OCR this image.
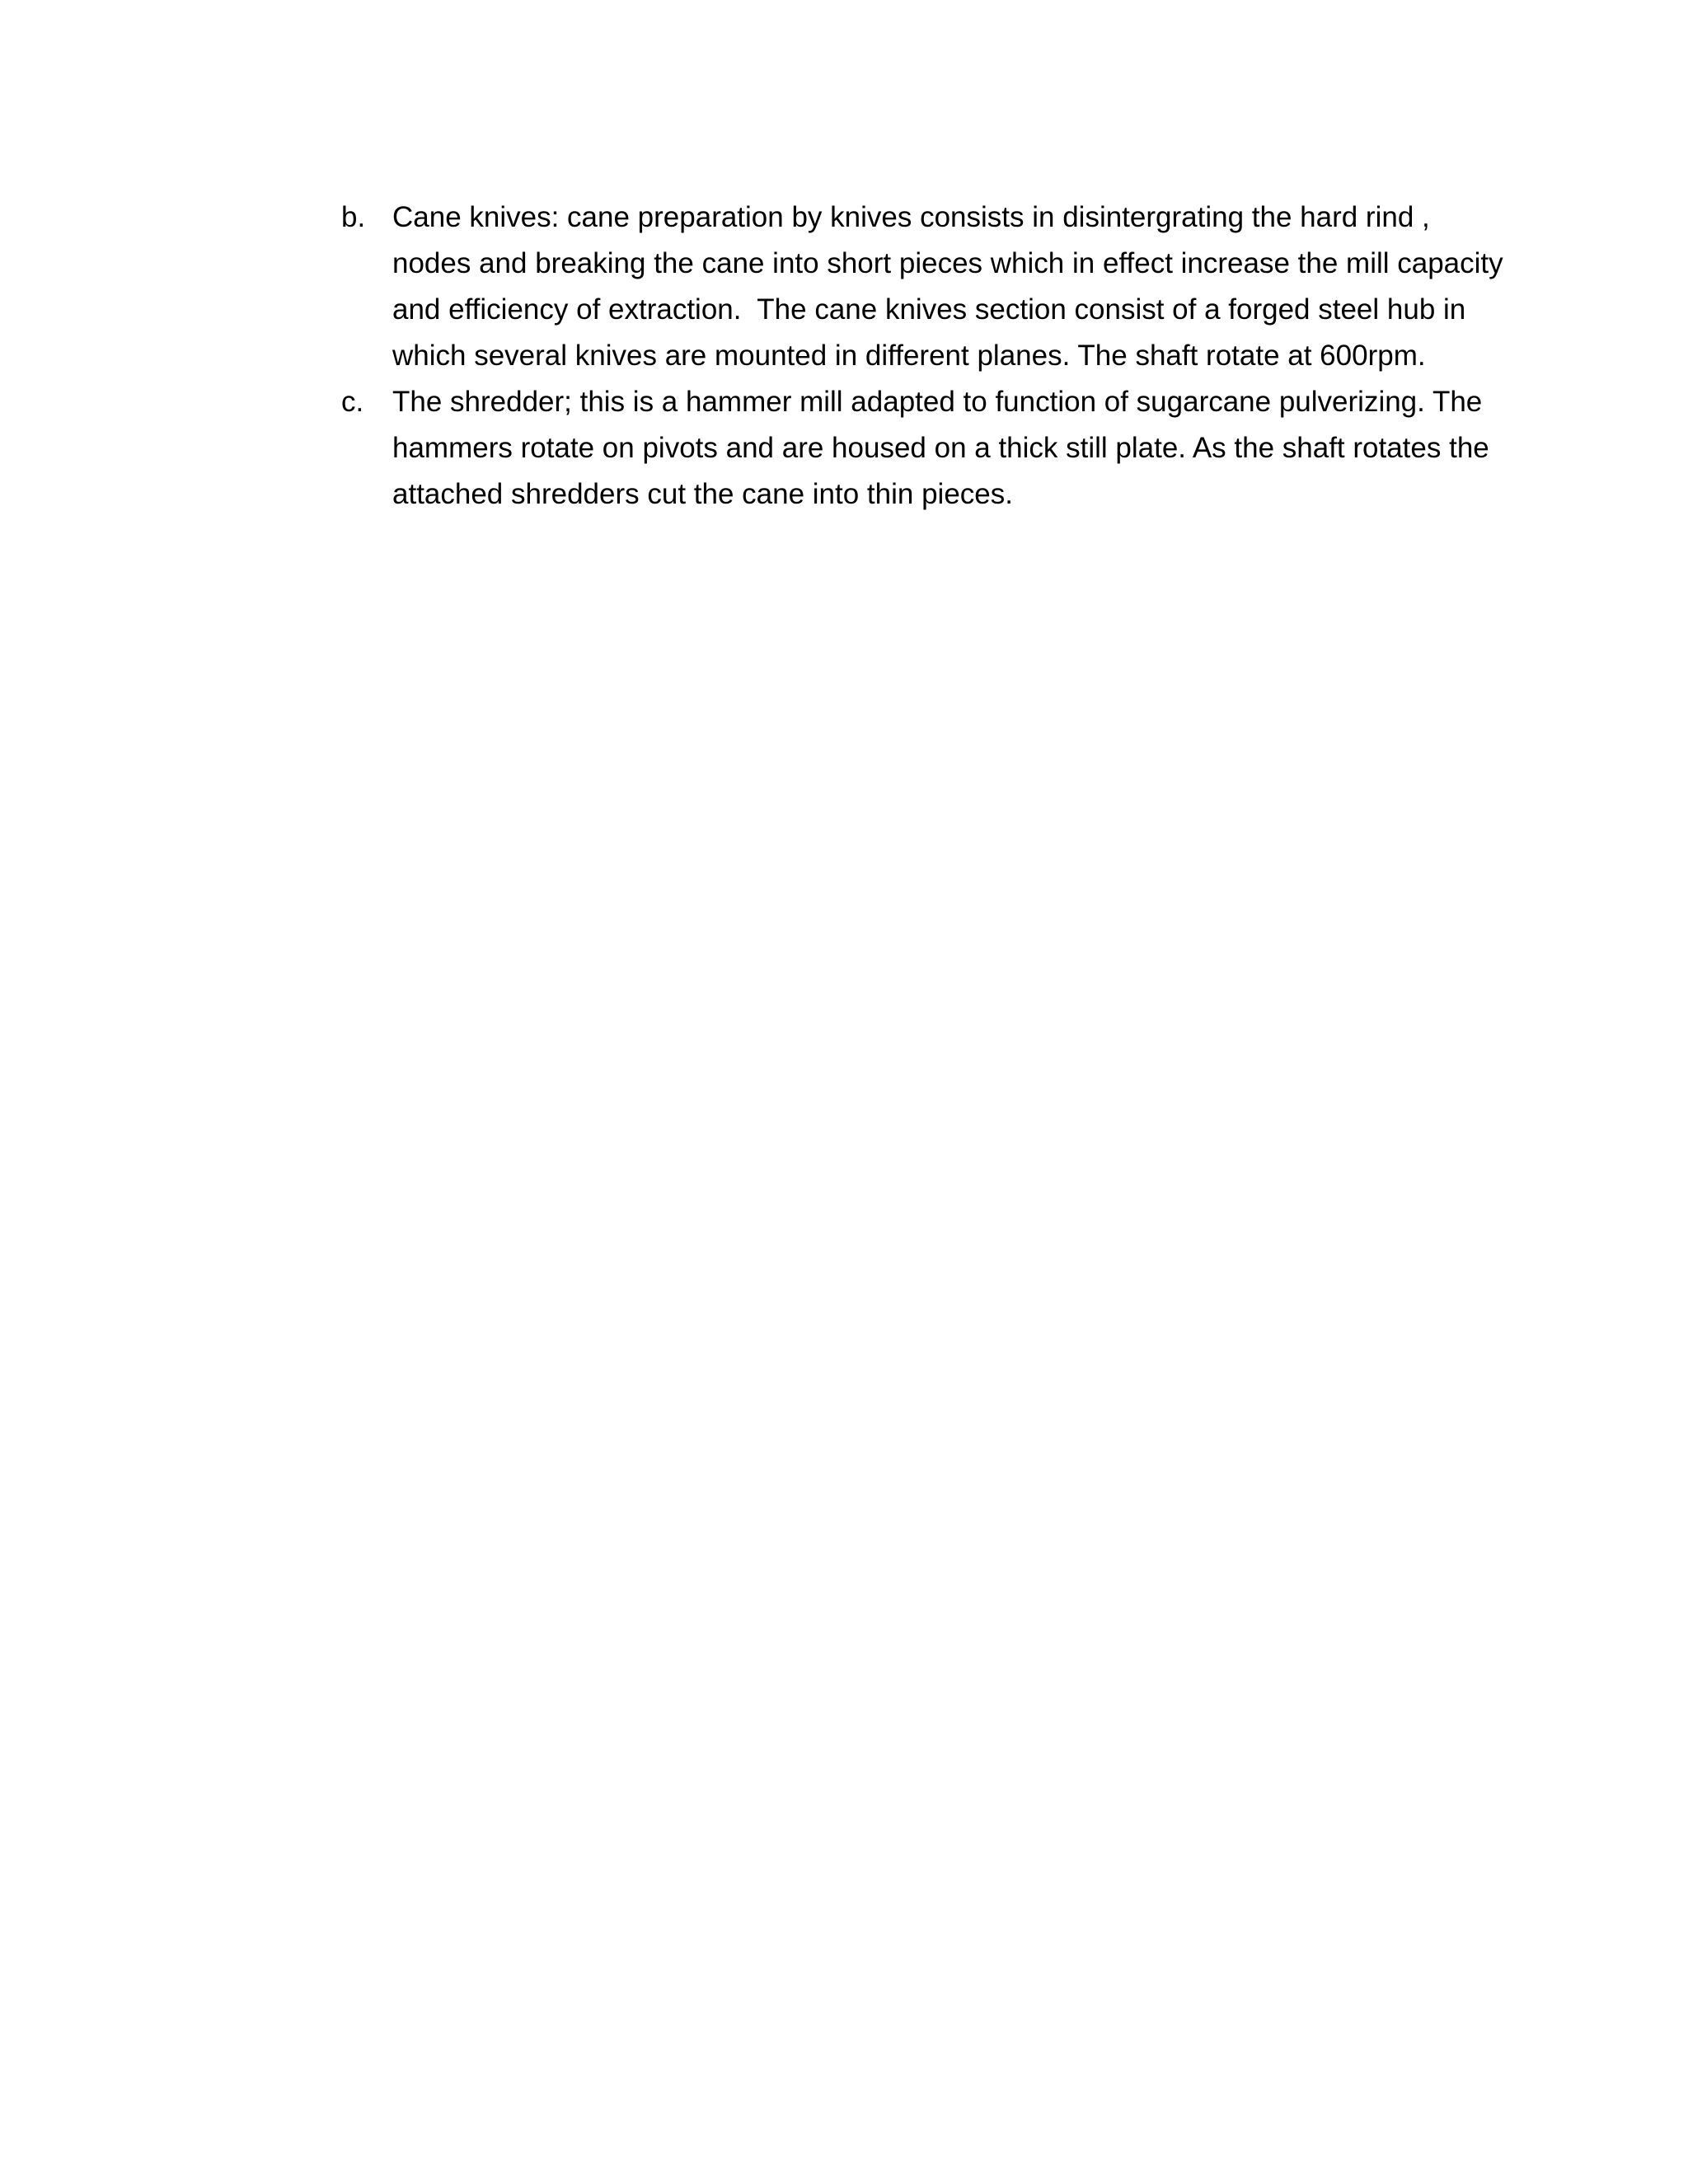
b. Cane knives: cane preparation by knives consists in disintergrating the hard rind , nodes and breaking the cane into short pieces which in effect increase the mill capacity and efficiency of extraction.  The cane knives section consist of a forged steel hub in which several knives are mounted in different planes. The shaft rotate at 600rpm.
c. The shredder; this is a hammer mill adapted to function of sugarcane pulverizing. The hammers rotate on pivots and are housed on a thick still plate. As the shaft rotates the attached shredders cut the cane into thin pieces.
